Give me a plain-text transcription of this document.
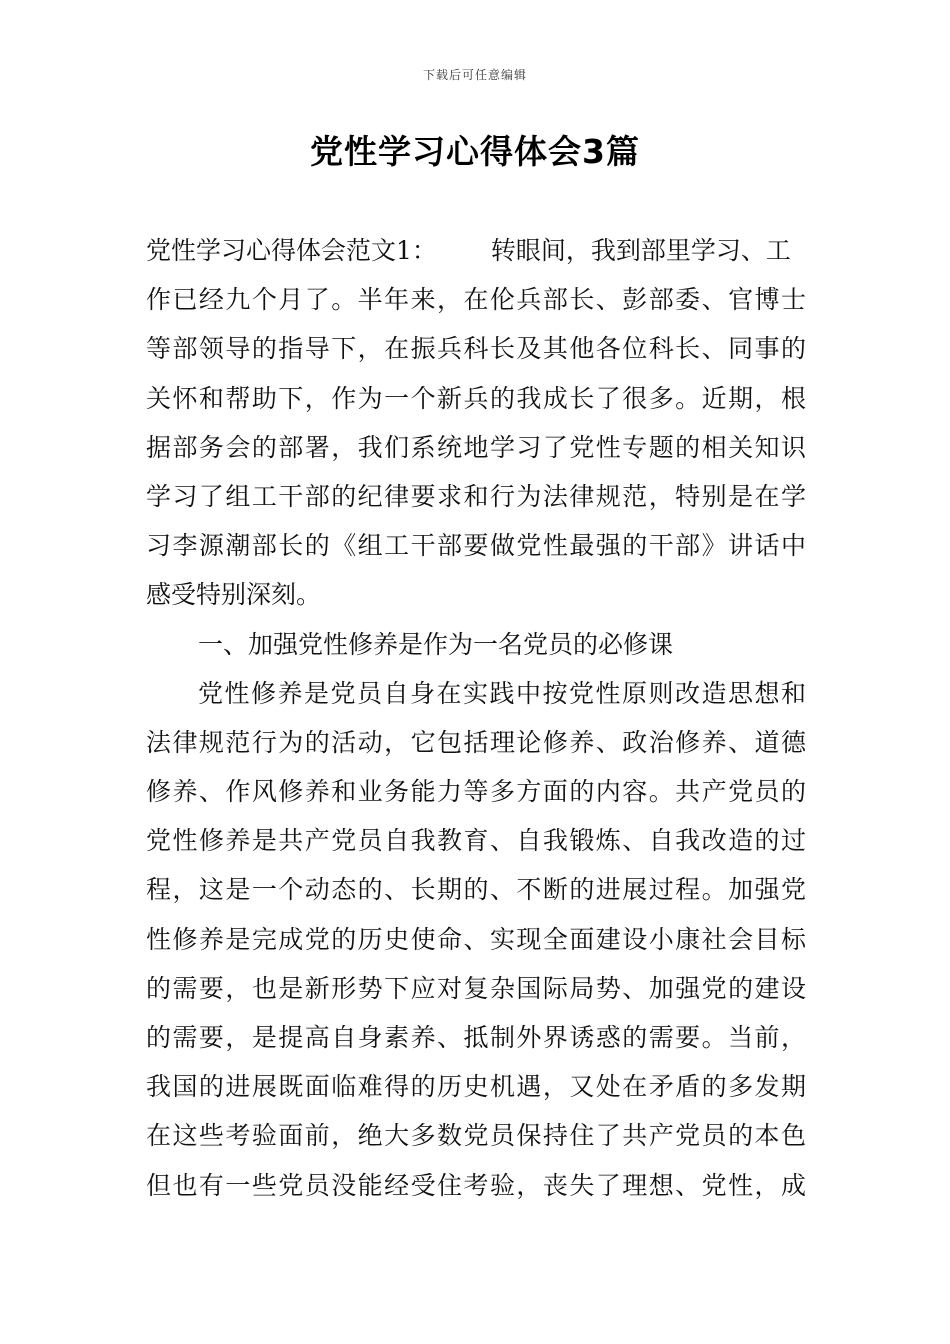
下载后可任意编辑
党性学习心得体会3篇
党性学习心得体会范文1： 转眼间，我到部里学习、工
作已经九个月了。半年来，在伦兵部长、彭部委、官博士
等部领导的指导下，在振兵科长及其他各位科长、同事的
关怀和帮助下，作为一个新兵的我成长了很多。近期，根
据部务会的部署，我们系统地学习了党性专题的相关知识
学习了组工干部的纪律要求和行为法律规范，特别是在学
习李源潮部长的《组工干部要做党性最强的干部》讲话中
感受特别深刻。
一、加强党性修养是作为一名党员的必修课
党性修养是党员自身在实践中按党性原则改造思想和
法律规范行为的活动，它包括理论修养、政治修养、道德
修养、作风修养和业务能力等多方面的内容。共产党员的
党性修养是共产党员自我教育、自我锻炼、自我改造的过
程，这是一个动态的、长期的、不断的进展过程。加强党
性修养是完成党的历史使命、实现全面建设小康社会目标
的需要，也是新形势下应对复杂国际局势、加强党的建设
的需要，是提高自身素养、抵制外界诱惑的需要。当前，
我国的进展既面临难得的历史机遇，又处在矛盾的多发期
在这些考验面前，绝大多数党员保持住了共产党员的本色
但也有一些党员没能经受住考验，丧失了理想、党性，成
